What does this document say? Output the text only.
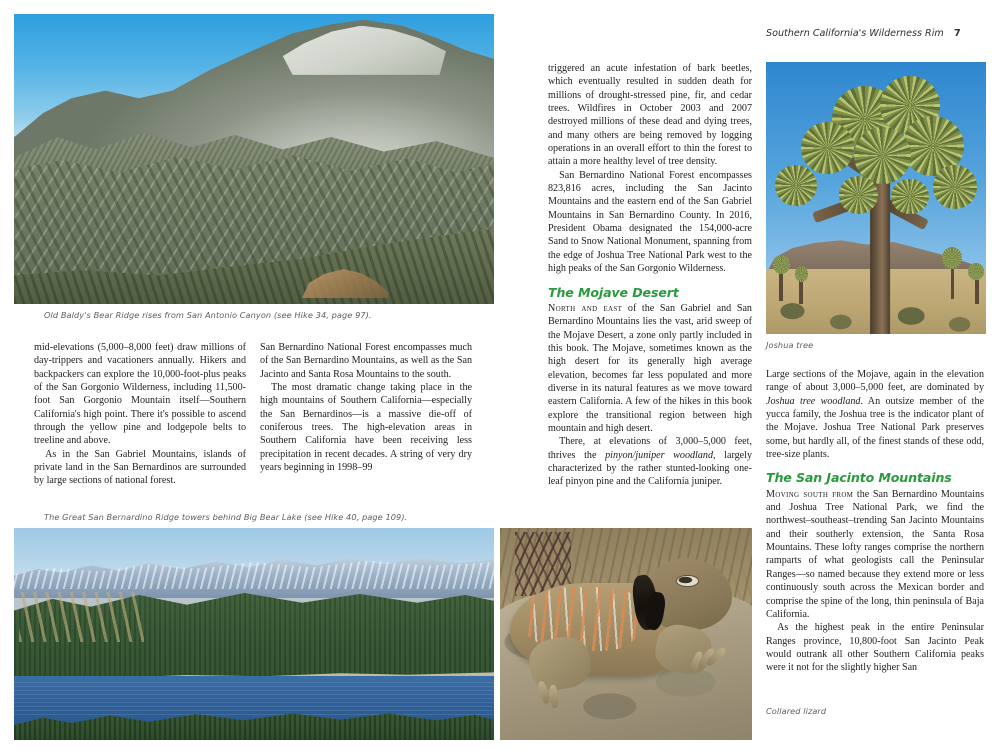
Old Baldy's Bear Ridge rises from San Antonio Canyon (see Hike 34, page 97).

mid-elevations (5,000–8,000 feet) draw millions of day-trippers and vacationers annually. Hikers and backpackers can explore the 10,000-foot-plus peaks of the San Gorgonio Wilderness, including 11,500-foot San Gorgonio Mountain itself—Southern California's high point. There it's possible to ascend through the yellow pine and lodgepole belts to treeline and above.

As in the San Gabriel Mountains, islands of private land in the San Bernardinos are surrounded by large sections of national forest.

San Bernardino National Forest encompasses much of the San Bernardino Mountains, as well as the San Jacinto and Santa Rosa Mountains to the south.

The most dramatic change taking place in the high mountains of Southern California—especially the San Bernardinos—is a massive die-off of coniferous trees. The high-elevation areas in Southern California have been receiving less precipitation in recent decades. A string of very dry years beginning in 1998–99

The Great San Bernardino Ridge towers behind Big Bear Lake (see Hike 40, page 109).
Southern California's Wilderness Rim 7

triggered an acute infestation of bark beetles, which eventually resulted in sudden death for millions of drought-stressed pine, fir, and cedar trees. Wildfires in October 2003 and 2007 destroyed millions of these dead and dying trees, and many others are being removed by logging operations in an overall effort to thin the forest to attain a more healthy level of tree density.

San Bernardino National Forest encompasses 823,816 acres, including the San Jacinto Mountains and the eastern end of the San Gabriel Mountains in San Bernardino County. In 2016, President Obama designated the 154,000-acre Sand to Snow National Monument, spanning from the edge of Joshua Tree National Park west to the high peaks of the San Gorgonio Wilderness.

The Mojave Desert

North and east of the San Gabriel and San Bernardino Mountains lies the vast, arid sweep of the Mojave Desert, a zone only partly included in this book. The Mojave, sometimes known as the high desert for its generally high average elevation, becomes far less populated and more diverse in its natural features as we move toward eastern California. A few of the hikes in this book explore the transitional region between high mountain and high desert.

There, at elevations of 3,000–5,000 feet, thrives the pinyon/juniper woodland, largely characterized by the rather stunted-looking one-leaf pinyon pine and the California juniper.

Joshua tree

Large sections of the Mojave, again in the elevation range of about 3,000–5,000 feet, are dominated by Joshua tree woodland. An outsize member of the yucca family, the Joshua tree is the indicator plant of the Mojave. Joshua Tree National Park preserves some, but hardly all, of the finest stands of these odd, tree-size plants.

The San Jacinto Mountains

Moving south from the San Bernardino Mountains and Joshua Tree National Park, we find the northwest–southeast–trending San Jacinto Mountains and their southerly extension, the Santa Rosa Mountains. These lofty ranges comprise the northern ramparts of what geologists call the Peninsular Ranges—so named because they extend more or less continuously south across the Mexican border and comprise the spine of the long, thin peninsula of Baja California.

As the highest peak in the entire Peninsular Ranges province, 10,800-foot San Jacinto Peak would outrank all other Southern California peaks were it not for the slightly higher San

Collared lizard
